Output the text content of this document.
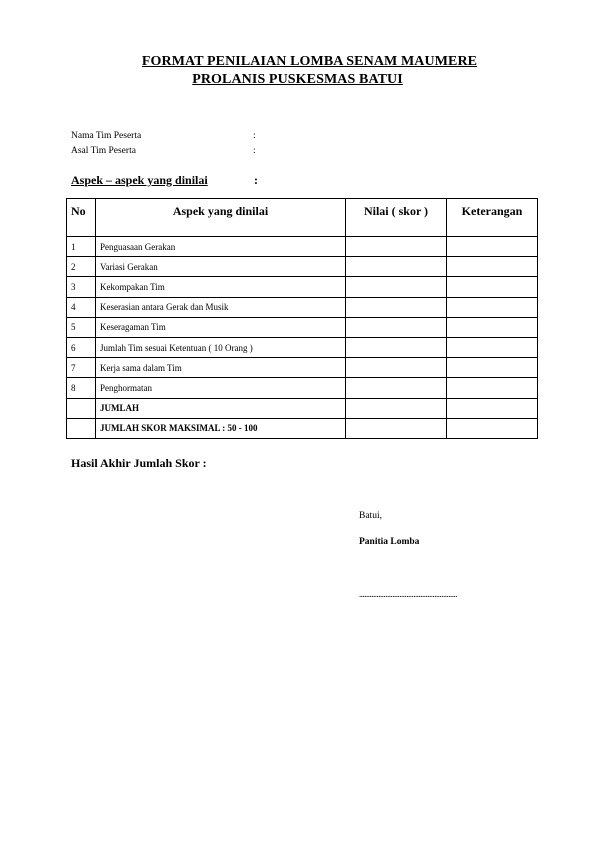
FORMAT PENILAIAN LOMBA SENAM MAUMERE
PROLANIS PUSKESMAS BATUI
Nama Tim Peserta	:
Asal Tim Peserta	:
Aspek – aspek yang dinilai	:
No	Aspek yang dinilai	Nilai ( skor )	Keterangan
1	Penguasaan Gerakan		
2	Variasi Gerakan		
3	Kekompakan Tim		
4	Keserasian antara Gerak dan Musik		
5	Keseragaman Tim		
6	Jumlah Tim sesuai Ketentuan ( 10 Orang )		
7	Kerja sama dalam Tim		
8	Penghormatan		
	JUMLAH		
	JUMLAH SKOR MAKSIMAL : 50 - 100		
Hasil Akhir Jumlah Skor :
Batui,
Panitia Lomba
........................................................
